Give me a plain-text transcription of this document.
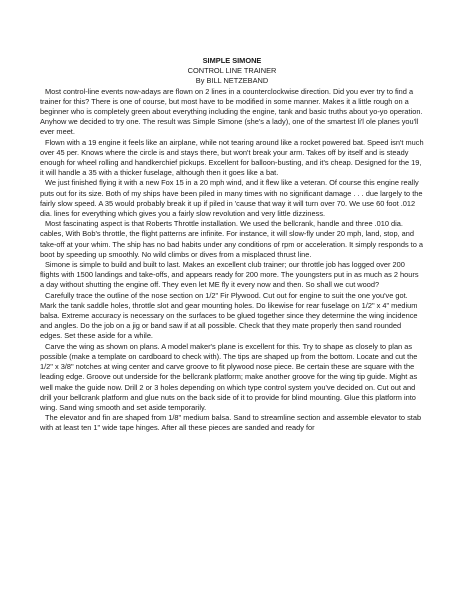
SIMPLE SIMONE
CONTROL LINE TRAINER
By BILL NETZEBAND

Most control-line events now-adays are flown on 2 lines in a counterclockwise direction. Did you ever try to find a trainer for this? There is one of course, but most have to be modified in some manner. Makes it a little rough on a beginner who is completely green about everything including the engine, tank and basic truths about yo-yo operation. Anyhow we decided to try one. The result was Simple Simone (she's a lady), one of the smartest li'l ole planes you'll ever meet.

Flown with a 19 engine it feels like an airplane, while not tearing around like a rocket powered bat. Speed isn't much over 45 per. Knows where the circle is and stays there, but won't break your arm. Takes off by itself and is steady enough for wheel rolling and handkerchief pickups. Excellent for balloon-busting, and it's cheap. Designed for the 19, it will handle a 35 with a thicker fuselage, although then it goes like a bat.

We just finished flying it with a new Fox 15 in a 20 mph wind, and it flew like a veteran. Of course this engine really puts out for its size. Both of my ships have been piled in many times with no significant damage . . . due largely to the fairly slow speed. A 35 would probably break it up if piled in 'cause that way it will turn over 70. We use 60 foot .012 dia. lines for everything which gives you a fairly slow revolution and very little dizziness.

Most fascinating aspect is that Roberts Throttle installation. We used the bellcrank, handle and three .010 dia. cables, With Bob's throttle, the flight patterns are infinite. For instance, it will slow-fly under 20 mph, land, stop, and take-off at your whim. The ship has no bad habits under any conditions of rpm or acceleration. It simply responds to a boot by speeding up smoothly. No wild climbs or dives from a misplaced thrust line.

Simone is simple to build and built to last. Makes an excellent club trainer; our throttle job has logged over 200 flights with 1500 landings and take-offs, and appears ready for 200 more. The youngsters put in as much as 2 hours a day without shutting the engine off. They even let ME fly it every now and then. So shall we cut wood?

Carefully trace the outline of the nose section on 1/2" Fir Plywood. Cut out for engine to suit the one you've got. Mark the tank saddle holes, throttle slot and gear mounting holes. Do likewise for rear fuselage on 1/2" x 4" medium balsa. Extreme accuracy is necessary on the surfaces to be glued together since they determine the wing incidence and angles. Do the job on a jig or band saw if at all possible. Check that they mate properly then sand rounded edges. Set these aside for a while.

Carve the wing as shown on plans. A model maker's plane is excellent for this. Try to shape as closely to plan as possible (make a template on cardboard to check with). The tips are shaped up from the bottom. Locate and cut the 1/2" x 3/8" notches at wing center and carve groove to fit plywood nose piece. Be certain these are square with the leading edge. Groove out underside for the bellcrank platform; make another groove for the wing tip guide. Might as well make the guide now. Drill 2 or 3 holes depending on which type control system you've decided on. Cut out and drill your bellcrank platform and glue nuts on the back side of it to provide for blind mounting. Glue this platform into wing. Sand wing smooth and set aside temporarily.

The elevator and fin are shaped from 1/8" medium balsa. Sand to streamline section and assemble elevator to stab with at least ten 1" wide tape hinges. After all these pieces are sanded and ready for
